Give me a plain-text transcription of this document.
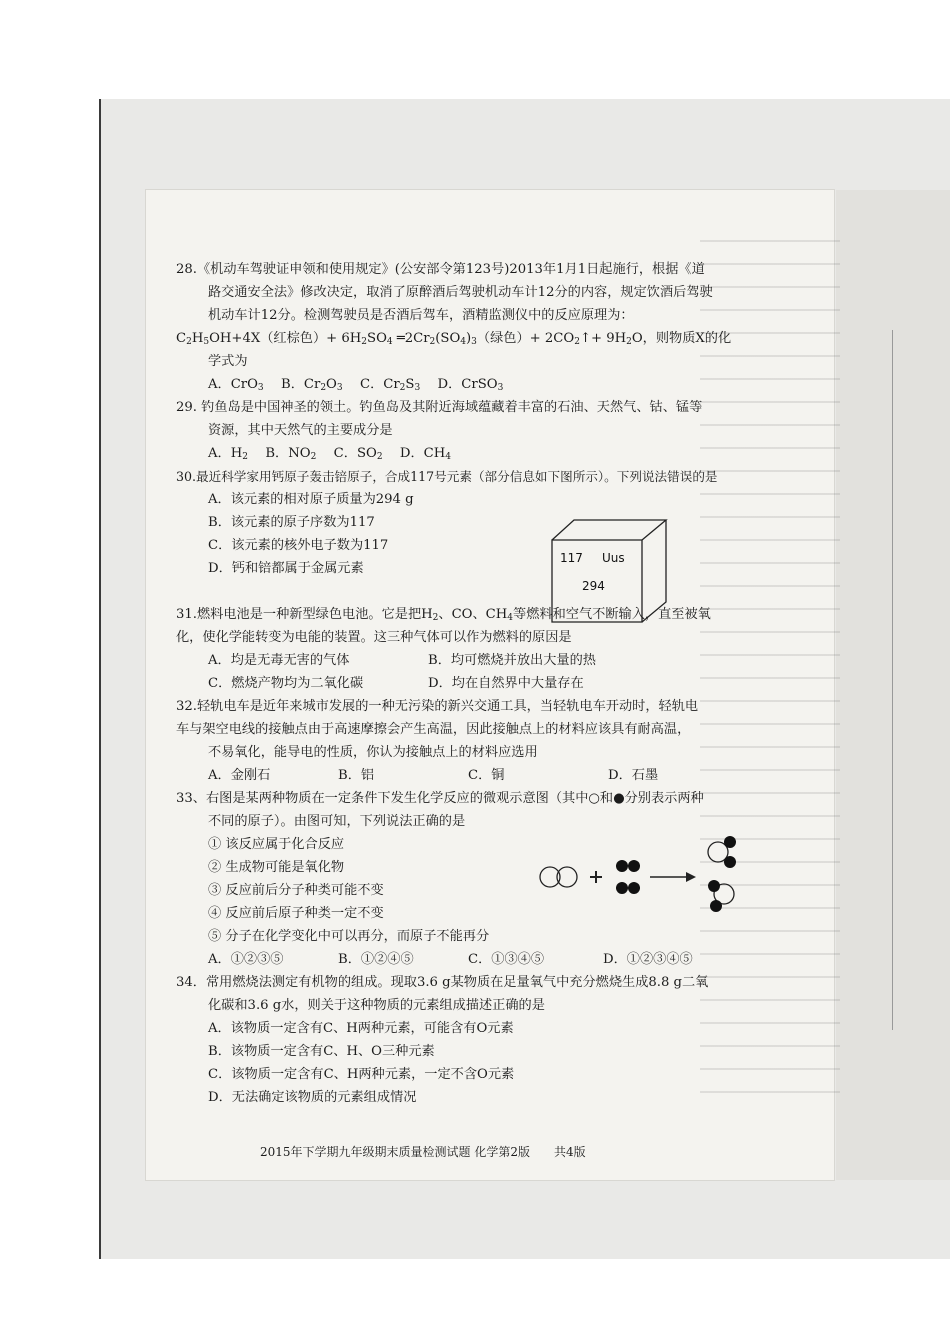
28.《机动车驾驶证申领和使用规定》(公安部令第123号)2013年1月1日起施行，根据《道
路交通安全法》修改决定，取消了原醉酒后驾驶机动车计12分的内容，规定饮酒后驾驶
机动车计12分。检测驾驶员是否酒后驾车，酒精监测仪中的反应原理为：
$C_2H_5OH+4X$（红棕色）+ $6H_2SO_4$ $═2Cr_2(SO_4)_3$（绿色）+ $2CO_2↑+ 9H_2O$，则物质X的化
学式为
A．CrO$_3$　 B．$Cr_2O_3$　 C．$Cr_2S_3$　 D．CrSO$_3$
29. 钓鱼岛是中国神圣的领土。钓鱼岛及其附近海域蕴藏着丰富的石油、天然气、钴、锰等
资源，其中天然气的主要成分是
A．$H_2$　 B．$NO_2$　 C．$SO_2$　 D．$CH_4$
30.最近科学家用钙原子轰击锫原子，合成117号元素（部分信息如下图所示）。下列说法错误的是
A．该元素的相对原子质量为294 g
B．该元素的原子序数为117
C．该元素的核外电子数为117
D．钙和锫都属于金属元素
31.燃料电池是一种新型绿色电池。它是把$H_2$、CO、$CH_4$等燃料和空气不断输入，直至被氧
化，使化学能转变为电能的装置。这三种气体可以作为燃料的原因是
A．均是无毒无害的气体	B．均可燃烧并放出大量的热
C．燃烧产物均为二氧化碳	D．均在自然界中大量存在
32.轻轨电车是近年来城市发展的一种无污染的新兴交通工具，当轻轨电车开动时，轻轨电
车与架空电线的接触点由于高速摩擦会产生高温，因此接触点上的材料应该具有耐高温，
不易氧化，能导电的性质，你认为接触点上的材料应选用
A．金刚石	B．铝	C．铜	D．石墨
33、右图是某两种物质在一定条件下发生化学反应的微观示意图（其中○和●分别表示两种
不同的原子）。由图可知，下列说法正确的是
① 该反应属于化合反应
② 生成物可能是氧化物
③ 反应前后分子种类可能不变
④ 反应前后原子种类一定不变
⑤ 分子在化学变化中可以再分，而原子不能再分
A．①②③⑤	B．①②④⑤	C．①③④⑤	D．①②③④⑤
34．常用燃烧法测定有机物的组成。现取3.6 g某物质在足量氧气中充分燃烧生成8.8 g二氧
化碳和3.6 g水，则关于这种物质的元素组成描述正确的是
A．该物质一定含有C、H两种元素，可能含有O元素
B．该物质一定含有C、H、O三种元素
C．该物质一定含有C、H两种元素，一定不含O元素
D．无法确定该物质的元素组成情况
117 Uus
294
2015年下学期九年级期末质量检测试题 化学第2版　　共4版
